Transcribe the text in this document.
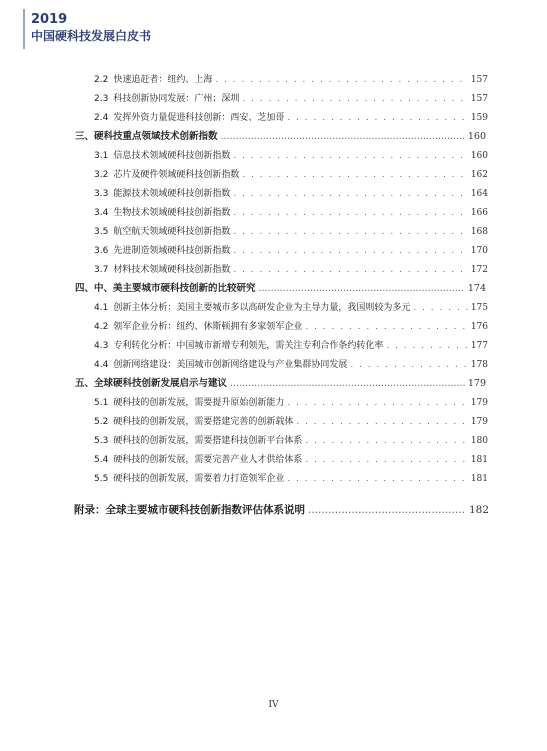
2019
中国硬科技发展白皮书
2.2 快速追赶者：纽约、上海 . . .	157
2.3 科技创新协同发展：广州；深圳 . . .	157
2.4 发挥外资力量促进科技创新：西安、芝加哥 . . .	159
三、硬科技重点领域技术创新指数 .....	160
3.1 信息技术领域硬科技创新指数 . . .	160
3.2 芯片及硬件领域硬科技创新指数 . . .	162
3.3 能源技术领域硬科技创新指数 . . .	164
3.4 生物技术领域硬科技创新指数 . . .	166
3.5 航空航天领域硬科技创新指数 . . .	168
3.6 先进制造领域硬科技创新指数 . . .	170
3.7 材料技术领域硬科技创新指数 . . .	172
四、中、美主要城市硬科技创新的比较研究 .....	174
4.1 创新主体分析：美国主要城市多以高研发企业为主导力量，我国则较为多元 . . .	175
4.2 领军企业分析：纽约、休斯顿拥有多家领军企业 . . .	176
4.3 专利转化分析：中国城市新增专利领先，需关注专利合作条约转化率 . . .	177
4.4 创新网络建设：美国城市创新网络建设与产业集群协同发展 . . .	178
五、全球硬科技创新发展启示与建议 .....	179
5.1 硬科技的创新发展，需要提升原始创新能力 . . .	179
5.2 硬科技的创新发展，需要搭建完善的创新载体 . . .	179
5.3 硬科技的创新发展，需要搭建科技创新平台体系 . . .	180
5.4 硬科技的创新发展，需要完善产业人才供给体系 . . .	181
5.5 硬科技的创新发展，需要着力打造领军企业 . . .	181
附录：全球主要城市硬科技创新指数评估体系说明 .....	182
IV
